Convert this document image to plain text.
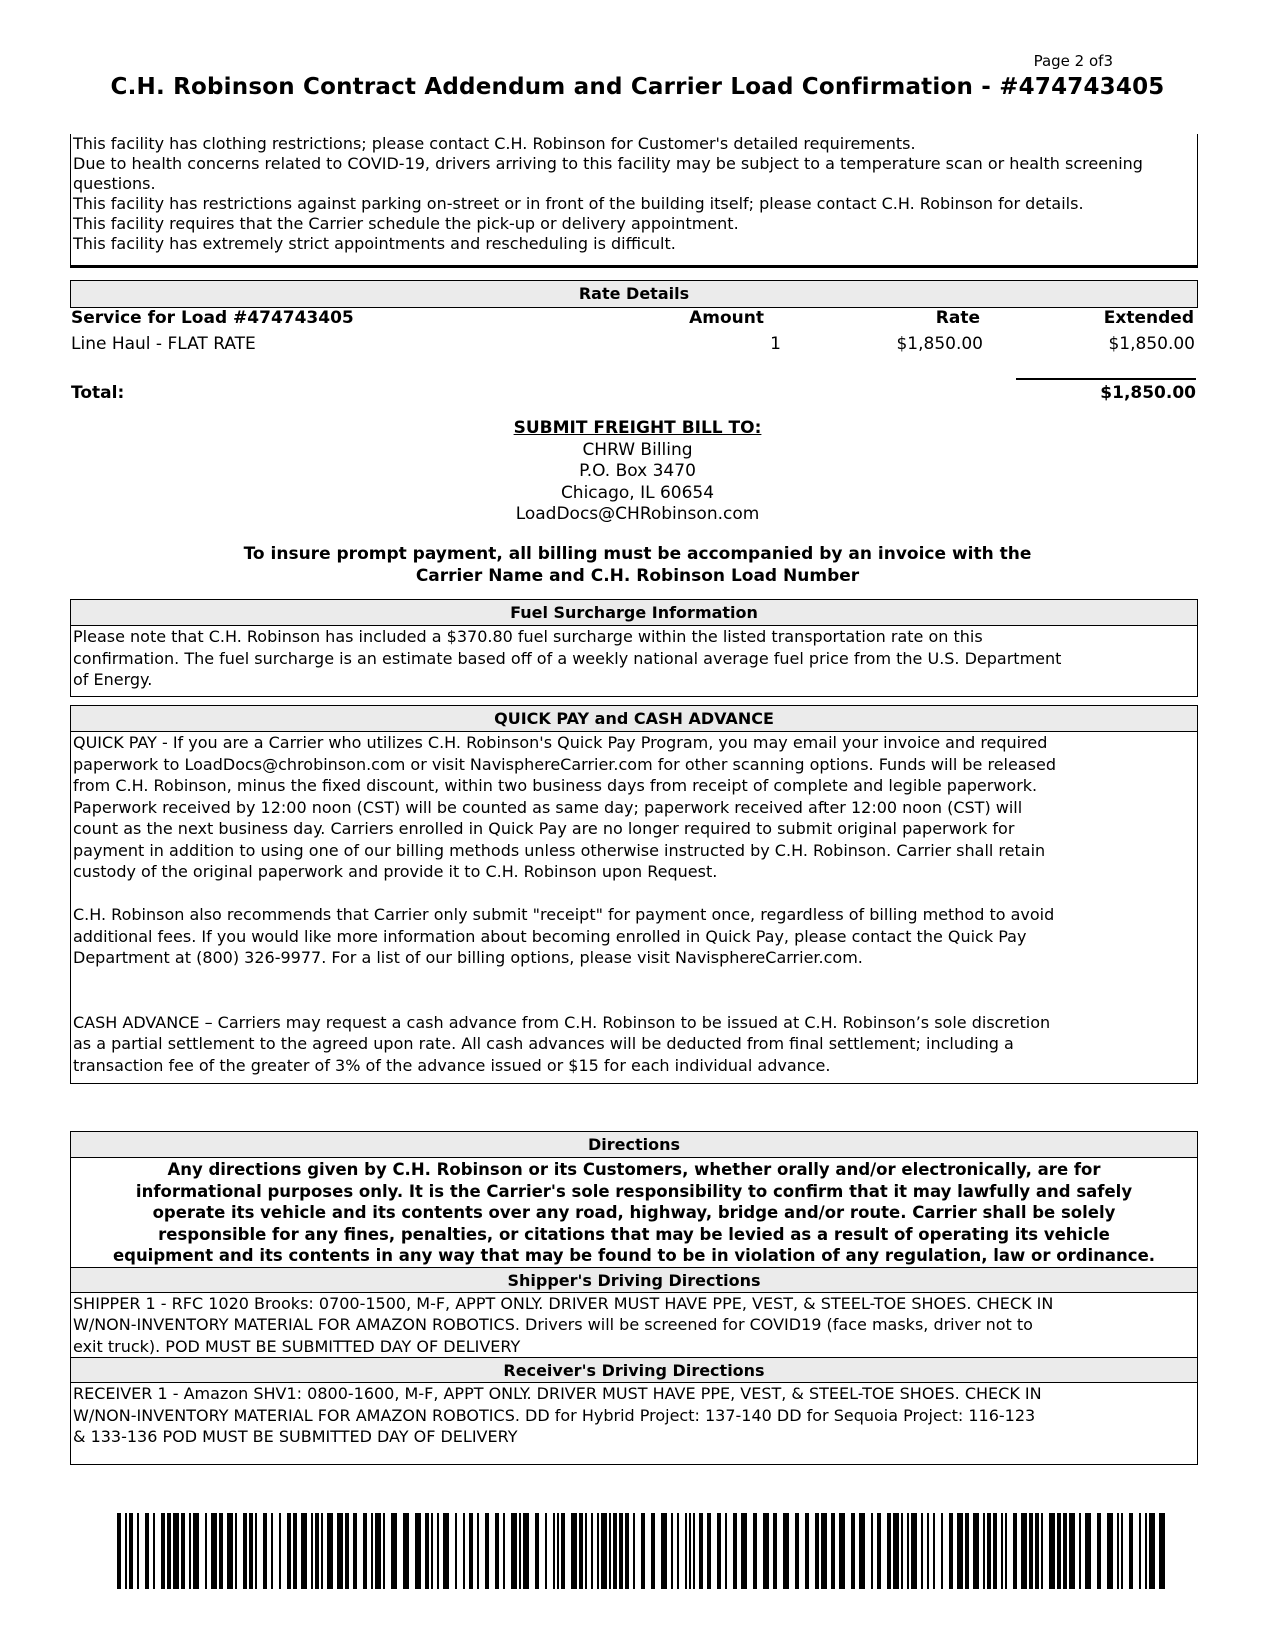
Page 2 of3
C.H. Robinson Contract Addendum and Carrier Load Confirmation - #474743405
This facility has clothing restrictions; please contact C.H. Robinson for Customer's detailed requirements.
Due to health concerns related to COVID-19, drivers arriving to this facility may be subject to a temperature scan or health screening questions.
This facility has restrictions against parking on-street or in front of the building itself; please contact C.H. Robinson for details.
This facility requires that the Carrier schedule the pick-up or delivery appointment.
This facility has extremely strict appointments and rescheduling is difficult.
Rate Details
Service for Load #474743405	Amount	Rate	Extended
Line Haul - FLAT RATE	1	$1,850.00	$1,850.00
Total:	$1,850.00
SUBMIT FREIGHT BILL TO:
CHRW Billing
P.O. Box 3470
Chicago, IL 60654
LoadDocs@CHRobinson.com
To insure prompt payment, all billing must be accompanied by an invoice with the
Carrier Name and C.H. Robinson Load Number
Fuel Surcharge Information
Please note that C.H. Robinson has included a $370.80 fuel surcharge within the listed transportation rate on this
confirmation. The fuel surcharge is an estimate based off of a weekly national average fuel price from the U.S. Department
of Energy.
QUICK PAY and CASH ADVANCE
QUICK PAY - If you are a Carrier who utilizes C.H. Robinson's Quick Pay Program, you may email your invoice and required
paperwork to LoadDocs@chrobinson.com or visit NavisphereCarrier.com for other scanning options. Funds will be released
from C.H. Robinson, minus the fixed discount, within two business days from receipt of complete and legible paperwork.
Paperwork received by 12:00 noon (CST) will be counted as same day; paperwork received after 12:00 noon (CST) will
count as the next business day. Carriers enrolled in Quick Pay are no longer required to submit original paperwork for
payment in addition to using one of our billing methods unless otherwise instructed by C.H. Robinson. Carrier shall retain
custody of the original paperwork and provide it to C.H. Robinson upon Request.
C.H. Robinson also recommends that Carrier only submit "receipt" for payment once, regardless of billing method to avoid
additional fees. If you would like more information about becoming enrolled in Quick Pay, please contact the Quick Pay
Department at (800) 326-9977. For a list of our billing options, please visit NavisphereCarrier.com.
CASH ADVANCE – Carriers may request a cash advance from C.H. Robinson to be issued at C.H. Robinson’s sole discretion
as a partial settlement to the agreed upon rate. All cash advances will be deducted from final settlement; including a
transaction fee of the greater of 3% of the advance issued or $15 for each individual advance.
Directions
Any directions given by C.H. Robinson or its Customers, whether orally and/or electronically, are for
informational purposes only. It is the Carrier's sole responsibility to confirm that it may lawfully and safely
operate its vehicle and its contents over any road, highway, bridge and/or route. Carrier shall be solely
responsible for any fines, penalties, or citations that may be levied as a result of operating its vehicle
equipment and its contents in any way that may be found to be in violation of any regulation, law or ordinance.
Shipper's Driving Directions
SHIPPER 1 - RFC 1020 Brooks: 0700-1500, M-F, APPT ONLY. DRIVER MUST HAVE PPE, VEST, & STEEL-TOE SHOES. CHECK IN
W/NON-INVENTORY MATERIAL FOR AMAZON ROBOTICS. Drivers will be screened for COVID19 (face masks, driver not to
exit truck). POD MUST BE SUBMITTED DAY OF DELIVERY
Receiver's Driving Directions
RECEIVER 1 - Amazon SHV1: 0800-1600, M-F, APPT ONLY. DRIVER MUST HAVE PPE, VEST, & STEEL-TOE SHOES. CHECK IN
W/NON-INVENTORY MATERIAL FOR AMAZON ROBOTICS. DD for Hybrid Project: 137-140 DD for Sequoia Project: 116-123
& 133-136 POD MUST BE SUBMITTED DAY OF DELIVERY
